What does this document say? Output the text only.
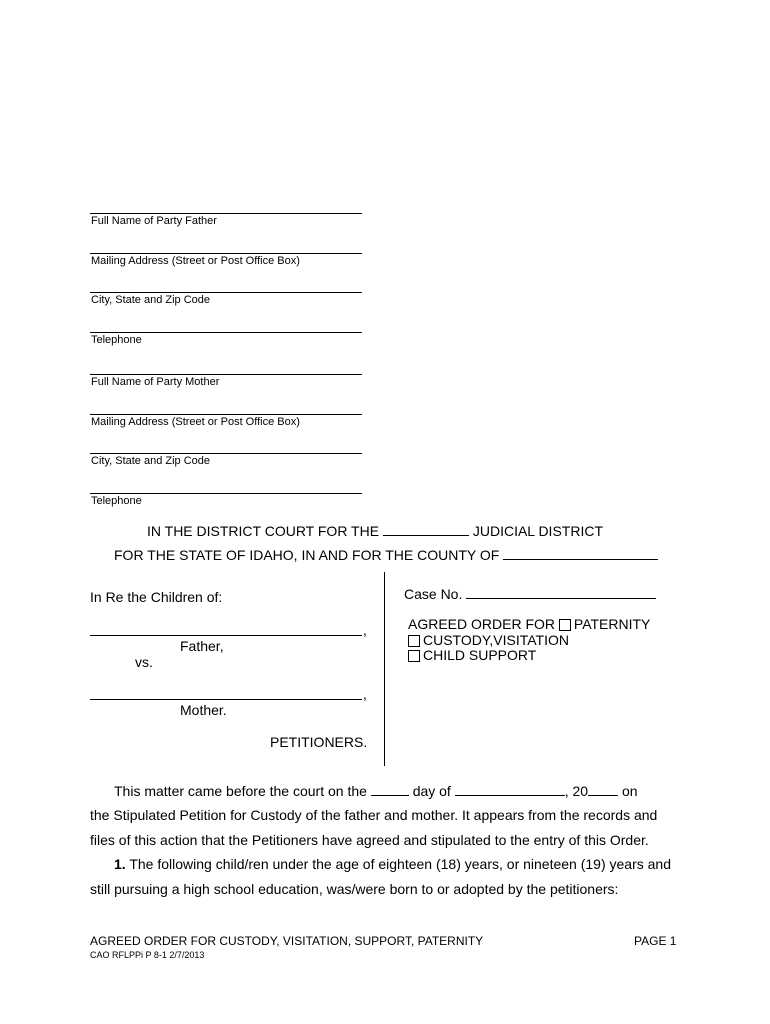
Full Name of Party Father
Mailing Address (Street or Post Office Box)
City, State and Zip Code
Telephone
Full Name of Party Mother
Mailing Address (Street or Post Office Box)
City, State and Zip Code
Telephone
IN THE DISTRICT COURT FOR THE	JUDICIAL DISTRICT
FOR THE STATE OF IDAHO, IN AND FOR THE COUNTY OF
In Re the Children of:
,
Father,
vs.
,
Mother.
PETITIONERS.
Case No.
AGREED ORDER FOR PATERNITY
CUSTODY,VISITATION
CHILD SUPPORT
This matter came before the court on the	day of	, 20 on
the Stipulated Petition for Custody of the father and mother. It appears from the records and
files of this action that the Petitioners have agreed and stipulated to the entry of this Order.
1. The following child/ren under the age of eighteen (18) years, or nineteen (19) years and
still pursuing a high school education, was/were born to or adopted by the petitioners:
AGREED ORDER FOR CUSTODY, VISITATION, SUPPORT, PATERNITY	PAGE 1
CAO RFLPPi P 8-1 2/7/2013
